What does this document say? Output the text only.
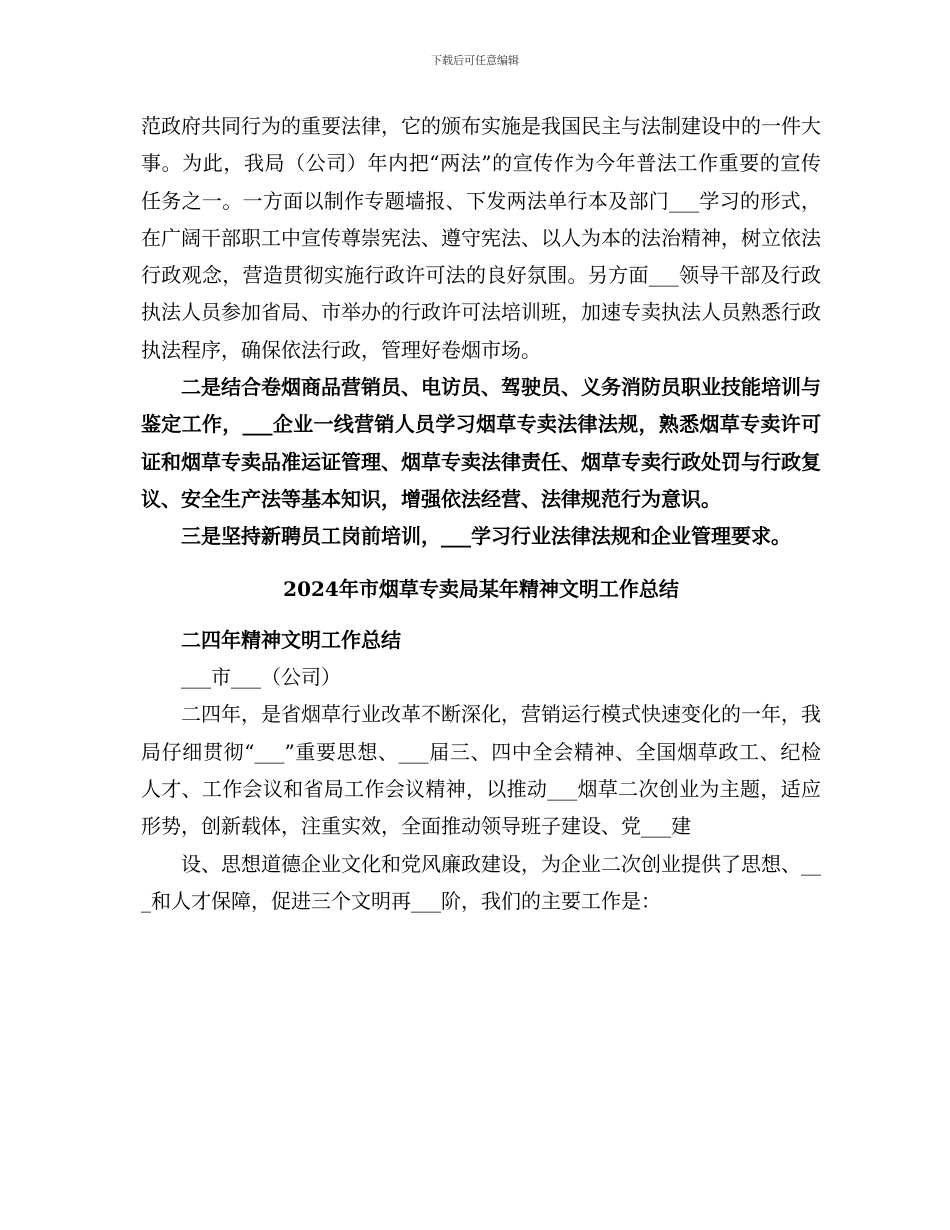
下载后可任意编辑

范政府共同行为的重要法律，它的颁布实施是我国民主与法制建设中的一件大事。为此，我局（公司）年内把“两法”的宣传作为今年普法工作重要的宣传任务之一。一方面以制作专题墙报、下发两法单行本及部门___学习的形式，在广阔干部职工中宣传尊崇宪法、遵守宪法、以人为本的法治精神，树立依法行政观念，营造贯彻实施行政许可法的良好氛围。另方面___领导干部及行政执法人员参加省局、市举办的行政许可法培训班，加速专卖执法人员熟悉行政执法程序，确保依法行政，管理好卷烟市场。

二是结合卷烟商品营销员、电访员、驾驶员、义务消防员职业技能培训与鉴定工作，___企业一线营销人员学习烟草专卖法律法规，熟悉烟草专卖许可证和烟草专卖品准运证管理、烟草专卖法律责任、烟草专卖行政处罚与行政复议、安全生产法等基本知识，增强依法经营、法律规范行为意识。

三是坚持新聘员工岗前培训，___学习行业法律法规和企业管理要求。

2024年市烟草专卖局某年精神文明工作总结

二四年精神文明工作总结

___市___（公司）

二四年，是省烟草行业改革不断深化，营销运行模式快速变化的一年，我局仔细贯彻“___”重要思想、___届三、四中全会精神、全国烟草政工、纪检人才、工作会议和省局工作会议精神，以推动___烟草二次创业为主题，适应形势，创新载体，注重实效，全面推动领导班子建设、党___建

设、思想道德企业文化和党风廉政建设，为企业二次创业提供了思想、___和人才保障，促进三个文明再___阶，我们的主要工作是：
